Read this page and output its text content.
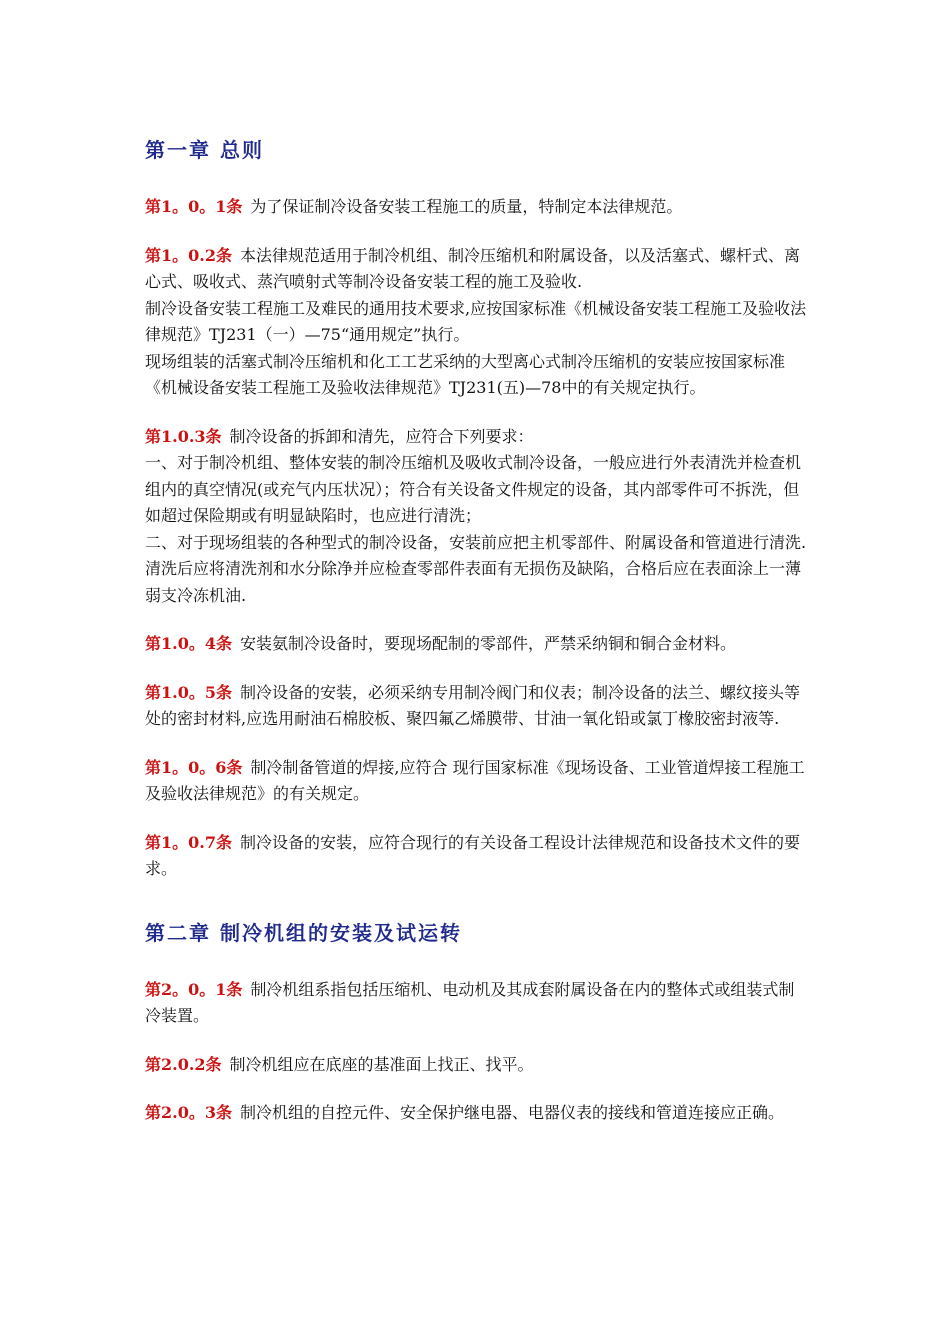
第一章 总则

第1。0。1条 为了保证制冷设备安装工程施工的质量，特制定本法律规范。

第1。0.2条 本法律规范适用于制冷机组、制冷压缩机和附属设备，以及活塞式、螺杆式、离心式、吸收式、蒸汽喷射式等制冷设备安装工程的施工及验收.

制冷设备安装工程施工及难民的通用技术要求,应按国家标准《机械设备安装工程施工及验收法律规范》TJ231（一）—75“通用规定”执行。

现场组装的活塞式制冷压缩机和化工工艺采纳的大型离心式制冷压缩机的安装应按国家标准《机械设备安装工程施工及验收法律规范》TJ231(五)—78中的有关规定执行。

第1.0.3条 制冷设备的拆卸和清先，应符合下列要求：

一、对于制冷机组、整体安装的制冷压缩机及吸收式制冷设备，一般应进行外表清洗并检查机组内的真空情况(或充气内压状况）；符合有关设备文件规定的设备，其内部零件可不拆洗，但如超过保险期或有明显缺陷时，也应进行清洗；

二、对于现场组装的各种型式的制冷设备，安装前应把主机零部件、附属设备和管道进行清洗.清洗后应将清洗剂和水分除净并应检查零部件表面有无损伤及缺陷，合格后应在表面涂上一薄弱支冷冻机油.

第1.0。4条 安装氨制冷设备时，要现场配制的零部件，严禁采纳铜和铜合金材料。

第1.0。5条 制冷设备的安装，必须采纳专用制冷阀门和仪表；制冷设备的法兰、螺纹接头等处的密封材料,应选用耐油石棉胶板、聚四氟乙烯膜带、甘油一氧化铅或氯丁橡胶密封液等.

第1。0。6条 制冷制备管道的焊接,应符合 现行国家标准《现场设备、工业管道焊接工程施工及验收法律规范》的有关规定。

第1。0.7条 制冷设备的安装，应符合现行的有关设备工程设计法律规范和设备技术文件的要求。

第二章 制冷机组的安装及试运转

第2。0。1条 制冷机组系指包括压缩机、电动机及其成套附属设备在内的整体式或组装式制冷装置。

第2.0.2条 制冷机组应在底座的基准面上找正、找平。

第2.0。3条 制冷机组的自控元件、安全保护继电器、电器仪表的接线和管道连接应正确。
